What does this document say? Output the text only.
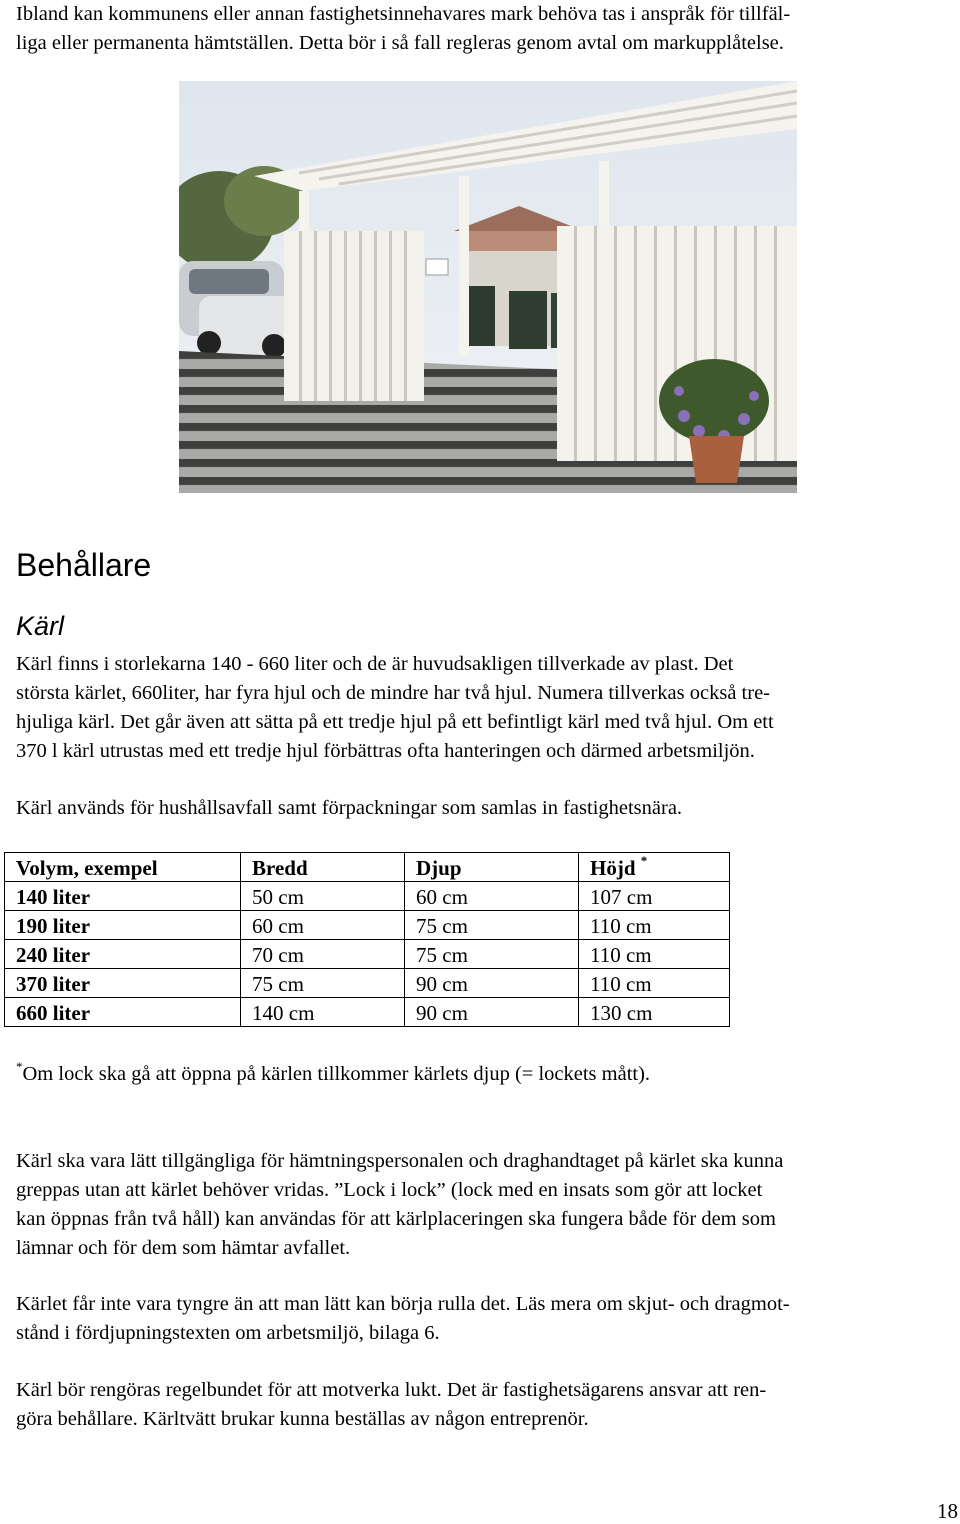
Ibland kan kommunens eller annan fastighetsinnehavares mark behöva tas i anspråk för tillfäl-
liga eller permanenta hämtställen. Detta bör i så fall regleras genom avtal om markupplåtelse.

Behållare
Kärl

Kärl finns i storlekarna 140 - 660 liter och de är huvudsakligen tillverkade av plast. Det
största kärlet, 660liter, har fyra hjul och de mindre har två hjul. Numera tillverkas också tre-
hjuliga kärl. Det går även att sätta på ett tredje hjul på ett befintligt kärl med två hjul. Om ett
370 l kärl utrustas med ett tredje hjul förbättras ofta hanteringen och därmed arbetsmiljön.

Kärl används för hushållsavfall samt förpackningar som samlas in fastighetsnära.

Volym, exempel	Bredd	Djup	Höjd *
140 liter	50 cm	60 cm	107 cm
190 liter	60 cm	75 cm	110 cm
240 liter	70 cm	75 cm	110 cm
370 liter	75 cm	90 cm	110 cm
660 liter	140 cm	90 cm	130 cm

*Om lock ska gå att öppna på kärlen tillkommer kärlets djup (= lockets mått).

Kärl ska vara lätt tillgängliga för hämtningspersonalen och draghandtaget på kärlet ska kunna
greppas utan att kärlet behöver vridas. ”Lock i lock” (lock med en insats som gör att locket
kan öppnas från två håll) kan användas för att kärlplaceringen ska fungera både för dem som
lämnar och för dem som hämtar avfallet.

Kärlet får inte vara tyngre än att man lätt kan börja rulla det. Läs mera om skjut- och dragmot-
stånd i fördjupningstexten om arbetsmiljö, bilaga 6.

Kärl bör rengöras regelbundet för att motverka lukt. Det är fastighetsägarens ansvar att ren-
göra behållare. Kärltvätt brukar kunna beställas av någon entreprenör.

18
